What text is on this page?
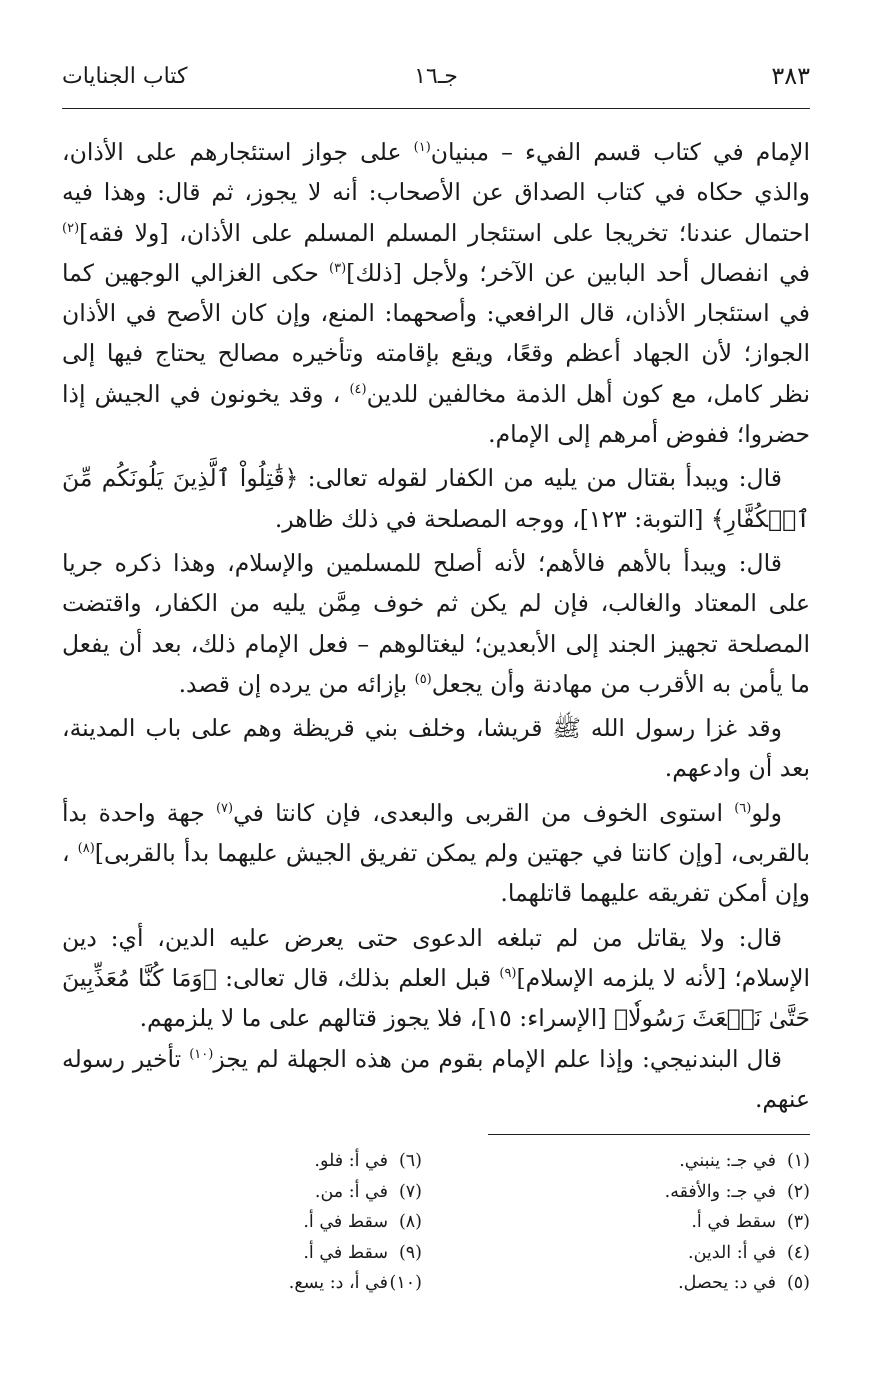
٣٨٣
جـ١٦
كتاب الجنايات

الإمام في كتاب قسم الفيء – مبنيان$^{(١)}$ على جواز استئجارهم على الأذان، والذي حكاه في كتاب الصداق عن الأصحاب: أنه لا يجوز، ثم قال: وهذا فيه احتمال عندنا؛ تخريجا على استئجار المسلم المسلم على الأذان، [ولا فقه]$^{(٢)}$ في انفصال أحد البابين عن الآخر؛ ولأجل [ذلك]$^{(٣)}$ حكى الغزالي الوجهين كما في استئجار الأذان، قال الرافعي: وأصحهما: المنع، وإن كان الأصح في الأذان الجواز؛ لأن الجهاد أعظم وقعًا، ويقع بإقامته وتأخيره مصالح يحتاج فيها إلى نظر كامل، مع كون أهل الذمة مخالفين للدين$^{(٤)}$ ، وقد يخونون في الجيش إذا حضروا؛ ففوض أمرهم إلى الإمام.

قال: ويبدأ بقتال من يليه من الكفار لقوله تعالى: ﴿قَٰتِلُواْ ٱلَّذِينَ يَلُونَكُم مِّنَ ٱلۡكُفَّارِ﴾ [التوبة: ١٢٣]، ووجه المصلحة في ذلك ظاهر.

قال: ويبدأ بالأهم فالأهم؛ لأنه أصلح للمسلمين والإسلام، وهذا ذكره جريا على المعتاد والغالب، فإن لم يكن ثم خوف مِمَّن يليه من الكفار، واقتضت المصلحة تجهيز الجند إلى الأبعدين؛ ليغتالوهم – فعل الإمام ذلك، بعد أن يفعل ما يأمن به الأقرب من مهادنة وأن يجعل$^{(٥)}$ بإزائه من يرده إن قصد.

وقد غزا رسول الله ﷺ قريشا، وخلف بني قريظة وهم على باب المدينة، بعد أن وادعهم.

ولو$^{(٦)}$ استوى الخوف من القربى والبعدى، فإن كانتا في$^{(٧)}$ جهة واحدة بدأ بالقربى، [وإن كانتا في جهتين ولم يمكن تفريق الجيش عليهما بدأ بالقربى]$^{(٨)}$ ، وإن أمكن تفريقه عليهما قاتلهما.

قال: ولا يقاتل من لم تبلغه الدعوى حتى يعرض عليه الدين، أي: دين الإسلام؛ [لأنه لا يلزمه الإسلام]$^{(٩)}$ قبل العلم بذلك، قال تعالى: ﴿وَمَا كُنَّا مُعَذِّبِينَ حَتَّىٰ نَبۡعَثَ رَسُولٗا﴾ [الإسراء: ١٥]، فلا يجوز قتالهم على ما لا يلزمهم.

قال البندنيجي: وإذا علم الإمام بقوم من هذه الجهلة لم يجز$^{(١٠)}$ تأخير رسوله عنهم.

(١)في جـ: ينبني.
(٢)في جـ: والأفقه.
(٣)سقط في أ.
(٤)في أ: الدين.
(٥)في د: يحصل.
(٦)في أ: فلو.
(٧)في أ: من.
(٨)سقط في أ.
(٩)سقط في أ.
(١٠)في أ، د: يسع.
